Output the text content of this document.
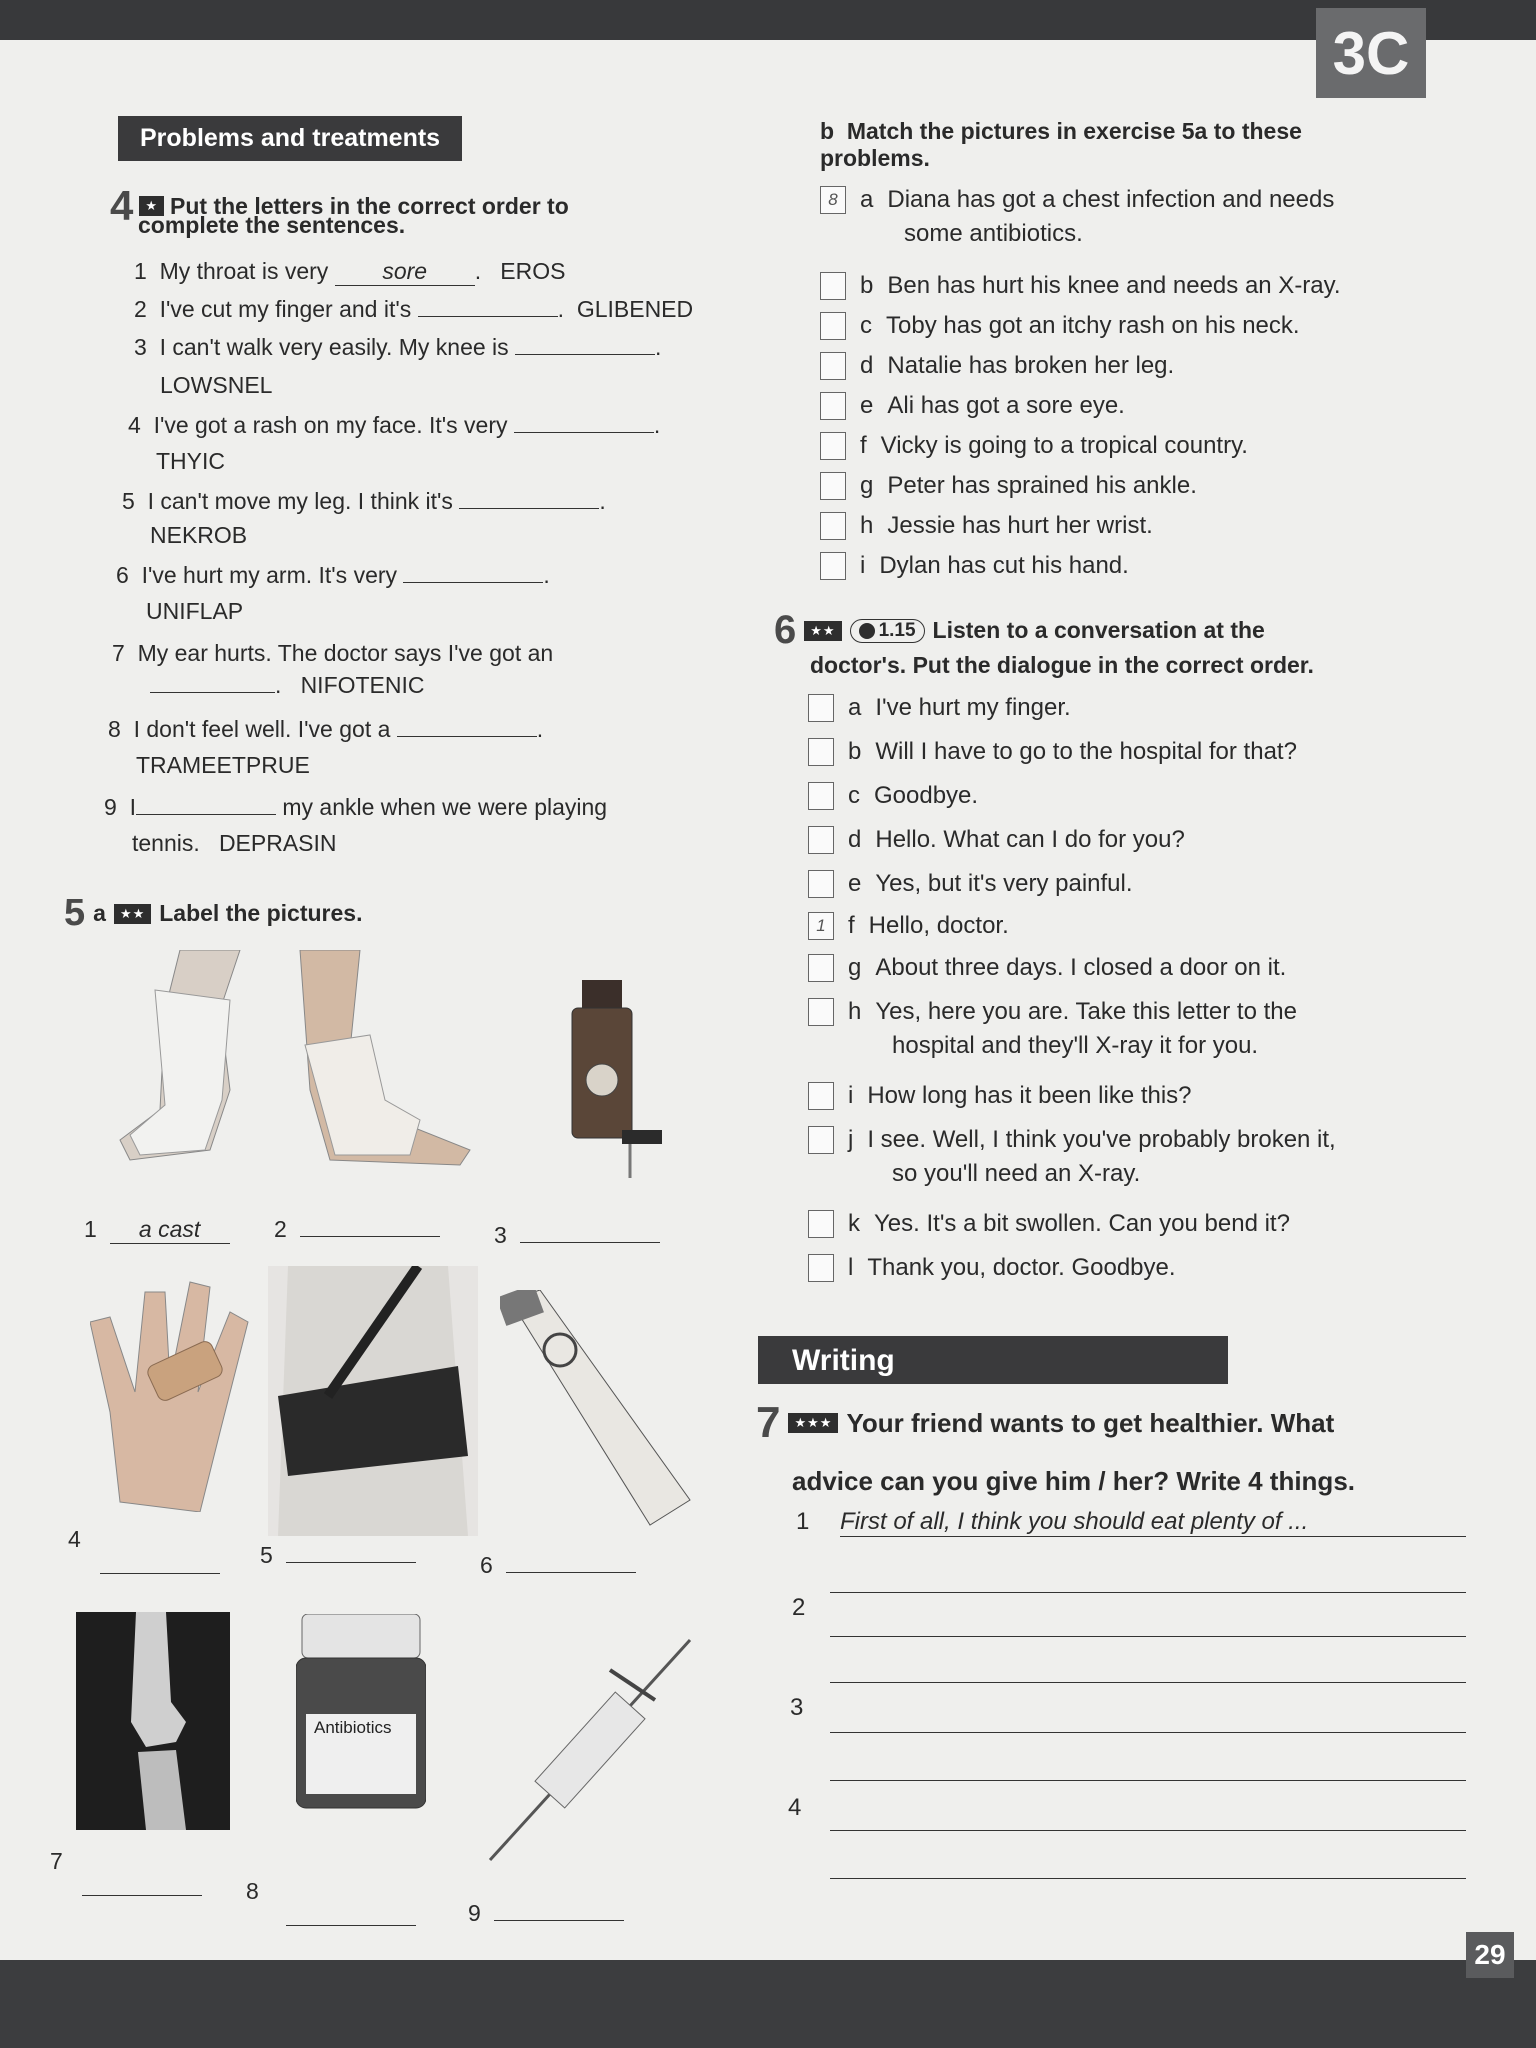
3C
Problems and treatments
4 ★ Put the letters in the correct order to
complete the sentences.
1 My throat is very sore . EROS
2 I've cut my finger and it's	. GLIBENED
3 I can't walk very easily. My knee is	.
LOWSNEL
4 I've got a rash on my face. It's very	.
THYIC
5 I can't move my leg. I think it's	.
NEKROB
6 I've hurt my arm. It's very	.
UNIFLAP
7 My ear hurts. The doctor says I've got an
. NIFOTENIC
8 I don't feel well. I've got a	.
TRAMEETPRUE
9 I	my ankle when we were playing
tennis. DEPRASIN
5 a	★★ Label the pictures.
1 a cast	2	3
4

5	6
Antibiotics
7

8

9
b Match the pictures in exercise 5a to these
problems.
8 a Diana has got a chest infection and needs
some antibiotics.
b Ben has hurt his knee and needs an X-ray.
c Toby has got an itchy rash on his neck.
d Natalie has broken her leg.
e Ali has got a sore eye.
f Vicky is going to a tropical country.
g Peter has sprained his ankle.
h Jessie has hurt her wrist.
i Dylan has cut his hand.
6	★★	1.15 Listen to a conversation at the
doctor's. Put the dialogue in the correct order.
a I've hurt my finger.
b Will I have to go to the hospital for that?
c Goodbye.
d Hello. What can I do for you?
e Yes, but it's very painful.
1 f Hello, doctor.
g About three days. I closed a door on it.
h Yes, here you are. Take this letter to the
hospital and they'll X-ray it for you.
i How long has it been like this?
j I see. Well, I think you've probably broken it,
so you'll need an X-ray.
k Yes. It's a bit swollen. Can you bend it?
l Thank you, doctor. Goodbye.
Writing
7	★★★ Your friend wants to get healthier. What
advice can you give him / her? Write 4 things.
1 First of all, I think you should eat plenty of ...
2
3
4
29
